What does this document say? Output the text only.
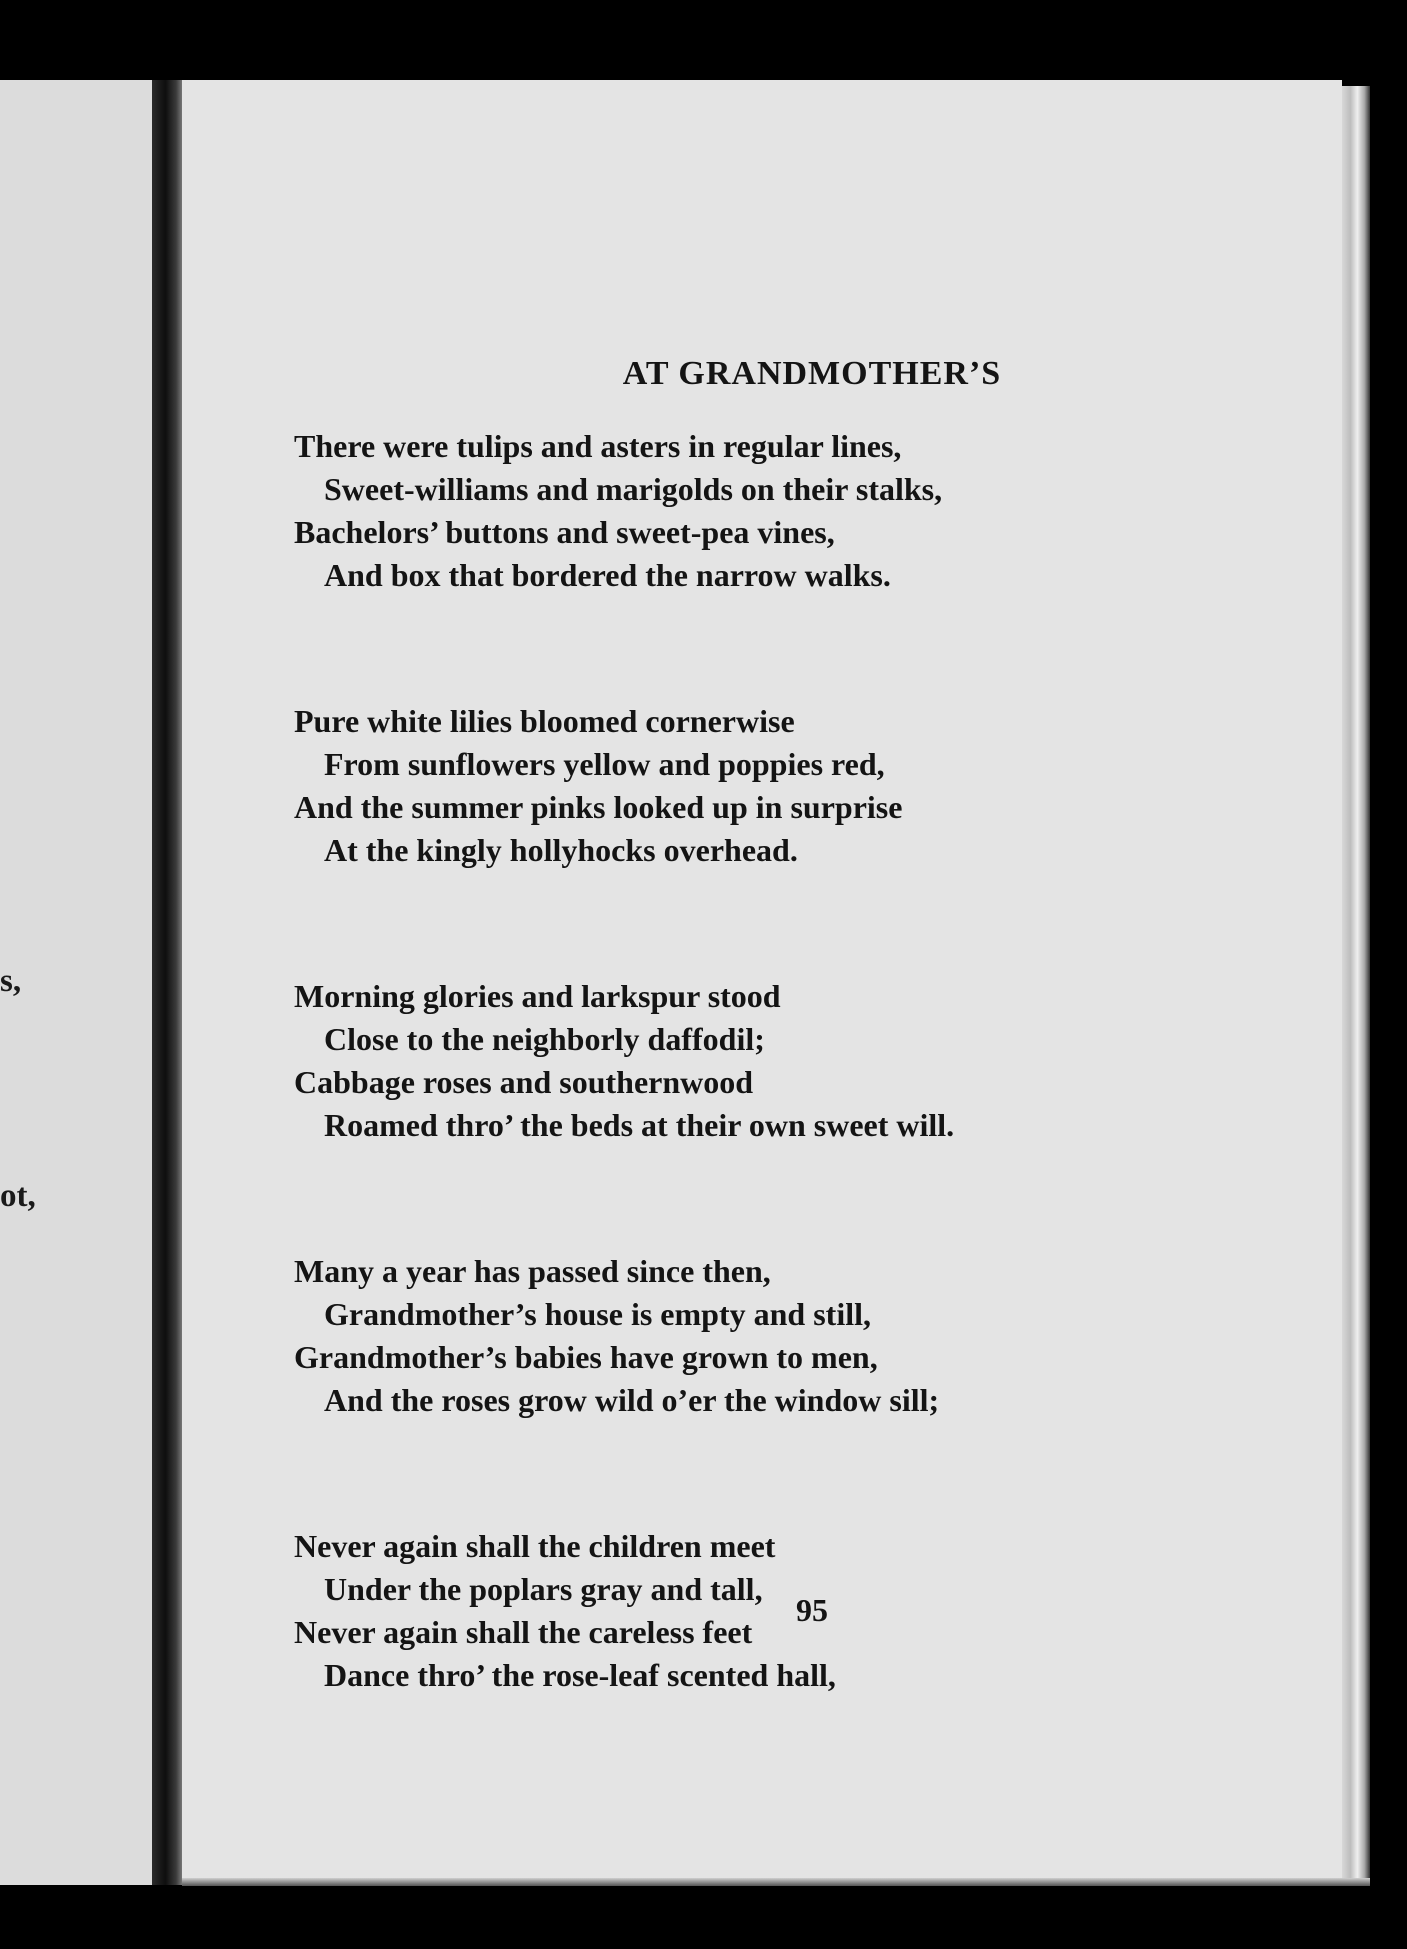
s,
ot,
AT GRANDMOTHER’S
There were tulips and asters in regular lines,
Sweet-williams and marigolds on their stalks,
Bachelors’ buttons and sweet-pea vines,
And box that bordered the narrow walks.
Pure white lilies bloomed cornerwise
From sunflowers yellow and poppies red,
And the summer pinks looked up in surprise
At the kingly hollyhocks overhead.
Morning glories and larkspur stood
Close to the neighborly daffodil;
Cabbage roses and southernwood
Roamed thro’ the beds at their own sweet will.
Many a year has passed since then,
Grandmother’s house is empty and still,
Grandmother’s babies have grown to men,
And the roses grow wild o’er the window sill;
Never again shall the children meet
Under the poplars gray and tall,
Never again shall the careless feet
Dance thro’ the rose-leaf scented hall,
95
